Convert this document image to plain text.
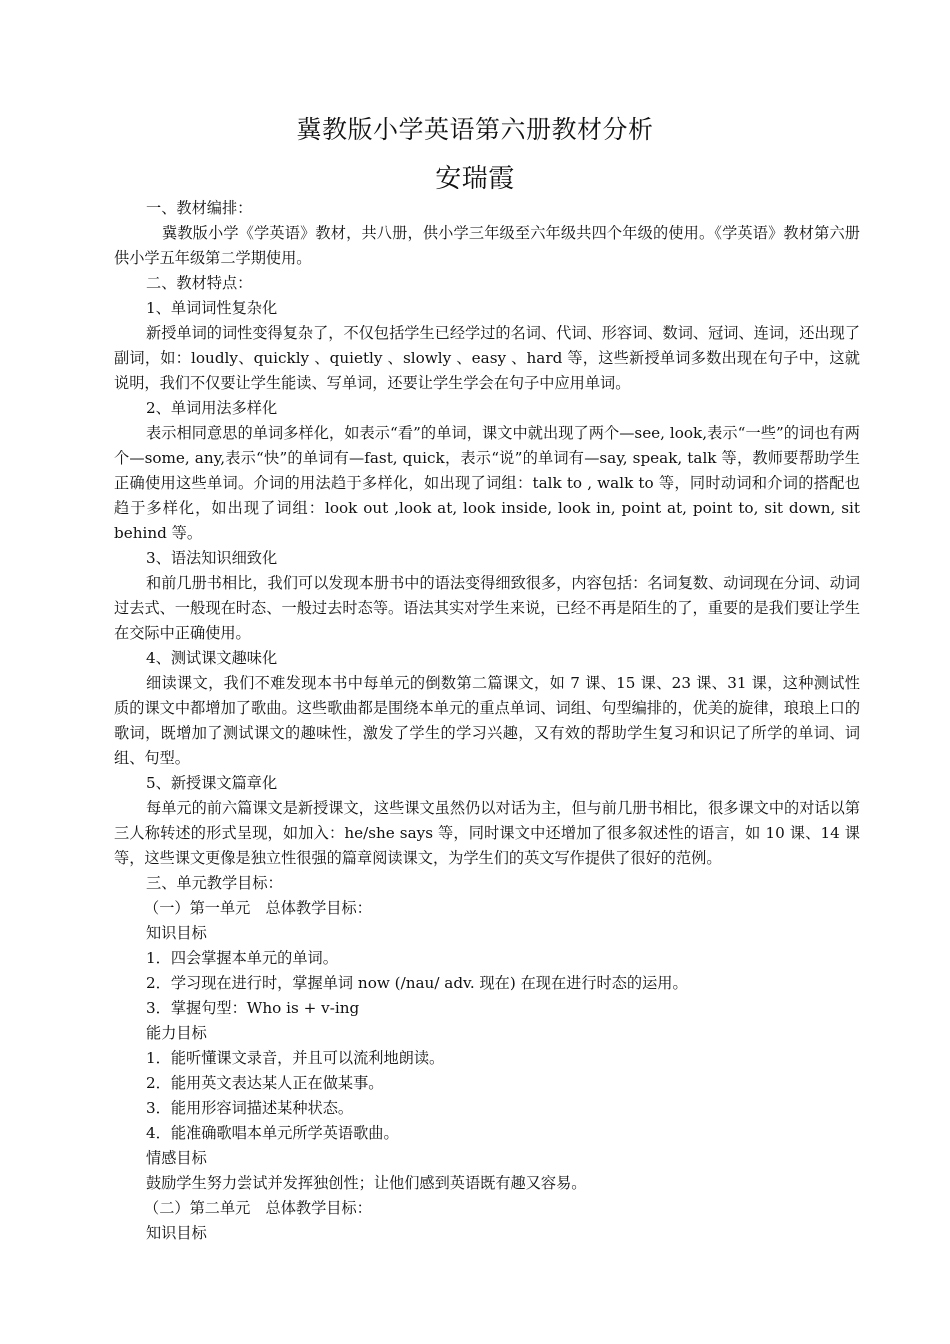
冀教版小学英语第六册教材分析
安瑞霞

一、教材编排：

冀教版小学《学英语》教材，共八册，供小学三年级至六年级共四个年级的使用。《学英语》教材第六册供小学五年级第二学期使用。

二、教材特点：

1、单词词性复杂化

新授单词的词性变得复杂了，不仅包括学生已经学过的名词、代词、形容词、数词、冠词、连词，还出现了副词，如：loudly、quickly 、quietly 、slowly 、easy 、hard 等，这些新授单词多数出现在句子中，这就说明，我们不仅要让学生能读、写单词，还要让学生学会在句子中应用单词。

2、单词用法多样化

表示相同意思的单词多样化，如表示“看”的单词，课文中就出现了两个—see, look,表示“一些”的词也有两个—some, any,表示“快”的单词有—fast, quick，表示“说”的单词有—say, speak, talk 等，教师要帮助学生正确使用这些单词。介词的用法趋于多样化，如出现了词组：talk to , walk to 等，同时动词和介词的搭配也趋于多样化，如出现了词组：look out ,look at, look inside, look in, point at, point to, sit down, sit behind 等。

3、语法知识细致化

和前几册书相比，我们可以发现本册书中的语法变得细致很多，内容包括：名词复数、动词现在分词、动词过去式、一般现在时态、一般过去时态等。语法其实对学生来说，已经不再是陌生的了，重要的是我们要让学生在交际中正确使用。

4、测试课文趣味化

细读课文，我们不难发现本书中每单元的倒数第二篇课文，如 7 课、15 课、23 课、31 课，这种测试性质的课文中都增加了歌曲。这些歌曲都是围绕本单元的重点单词、词组、句型编排的，优美的旋律，琅琅上口的歌词，既增加了测试课文的趣味性，激发了学生的学习兴趣，又有效的帮助学生复习和识记了所学的单词、词组、句型。

5、新授课文篇章化

每单元的前六篇课文是新授课文，这些课文虽然仍以对话为主，但与前几册书相比，很多课文中的对话以第三人称转述的形式呈现，如加入：he/she says 等，同时课文中还增加了很多叙述性的语言，如 10 课、14 课等，这些课文更像是独立性很强的篇章阅读课文，为学生们的英文写作提供了很好的范例。

三、单元教学目标：

（一）第一单元　总体教学目标：

知识目标

1．四会掌握本单元的单词。

2．学习现在进行时，掌握单词 now (/nau/ adv. 现在) 在现在进行时态的运用。

3．掌握句型：Who is + v-ing

能力目标

1．能听懂课文录音，并且可以流利地朗读。

2．能用英文表达某人正在做某事。

3．能用形容词描述某种状态。

4．能准确歌唱本单元所学英语歌曲。

情感目标

鼓励学生努力尝试并发挥独创性；让他们感到英语既有趣又容易。

（二）第二单元　总体教学目标：

知识目标
